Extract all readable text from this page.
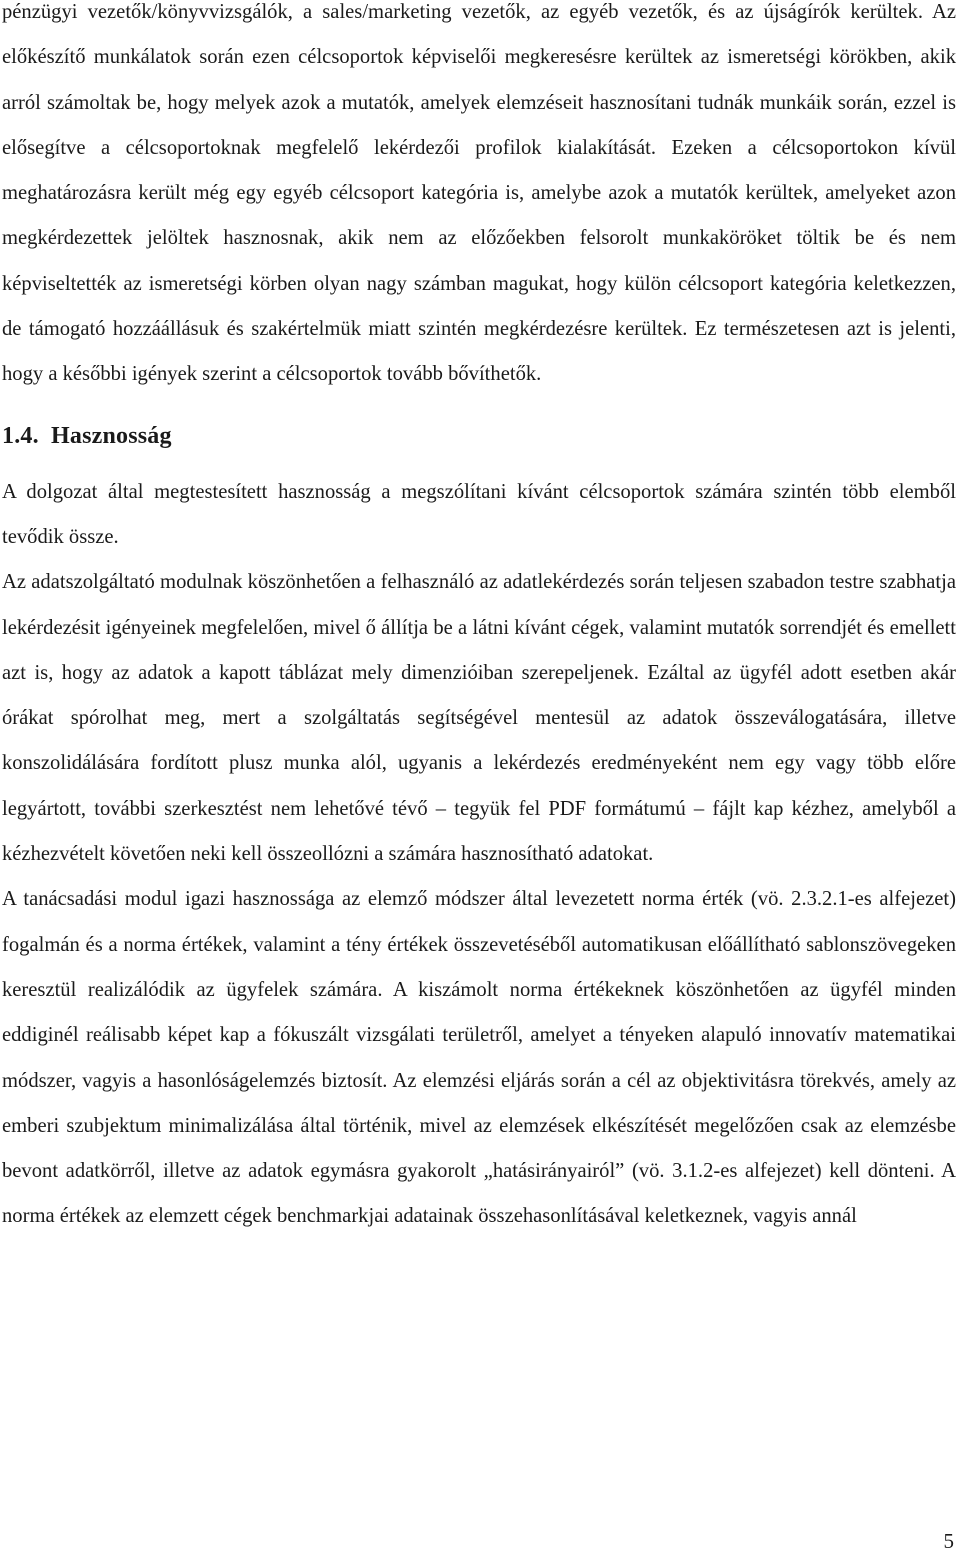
pénzügyi vezetők/könyvvizsgálók, a sales/marketing vezetők, az egyéb vezetők, és az újságírók kerültek. Az előkészítő munkálatok során ezen célcsoportok képviselői megkeresésre kerültek az ismeretségi körökben, akik arról számoltak be, hogy melyek azok a mutatók, amelyek elemzéseit hasznosítani tudnák munkáik során, ezzel is elősegítve a célcsoportoknak megfelelő lekérdezői profilok kialakítását. Ezeken a célcsoportokon kívül meghatározásra került még egy egyéb célcsoport kategória is, amelybe azok a mutatók kerültek, amelyeket azon megkérdezettek jelöltek hasznosnak, akik nem az előzőekben felsorolt munkaköröket töltik be és nem képviseltették az ismeretségi körben olyan nagy számban magukat, hogy külön célcsoport kategória keletkezzen, de támogató hozzáállásuk és szakértelmük miatt szintén megkérdezésre kerültek. Ez természetesen azt is jelenti, hogy a későbbi igények szerint a célcsoportok tovább bővíthetők.

1.4. Hasznosság

A dolgozat által megtestesített hasznosság a megszólítani kívánt célcsoportok számára szintén több elemből tevődik össze.

Az adatszolgáltató modulnak köszönhetően a felhasználó az adatlekérdezés során teljesen szabadon testre szabhatja lekérdezésit igényeinek megfelelően, mivel ő állítja be a látni kívánt cégek, valamint mutatók sorrendjét és emellett azt is, hogy az adatok a kapott táblázat mely dimenzióiban szerepeljenek. Ezáltal az ügyfél adott esetben akár órákat spórolhat meg, mert a szolgáltatás segítségével mentesül az adatok összeválogatására, illetve konszolidálására fordított plusz munka alól, ugyanis a lekérdezés eredményeként nem egy vagy több előre legyártott, további szerkesztést nem lehetővé tévő – tegyük fel PDF formátumú – fájlt kap kézhez, amelyből a kézhezvételt követően neki kell összeollózni a számára hasznosítható adatokat.

A tanácsadási modul igazi hasznossága az elemző módszer által levezetett norma érték (vö. 2.3.2.1-es alfejezet) fogalmán és a norma értékek, valamint a tény értékek összevetéséből automatikusan előállítható sablonszövegeken keresztül realizálódik az ügyfelek számára. A kiszámolt norma értékeknek köszönhetően az ügyfél minden eddiginél reálisabb képet kap a fókuszált vizsgálati területről, amelyet a tényeken alapuló innovatív matematikai módszer, vagyis a hasonlóságelemzés biztosít. Az elemzési eljárás során a cél az objektivitásra törekvés, amely az emberi szubjektum minimalizálása által történik, mivel az elemzések elkészítését megelőzően csak az elemzésbe bevont adatkörről, illetve az adatok egymásra gyakorolt „hatásirányairól” (vö. 3.1.2-es alfejezet) kell dönteni. A norma értékek az elemzett cégek benchmarkjai adatainak összehasonlításával keletkeznek, vagyis annál

5
